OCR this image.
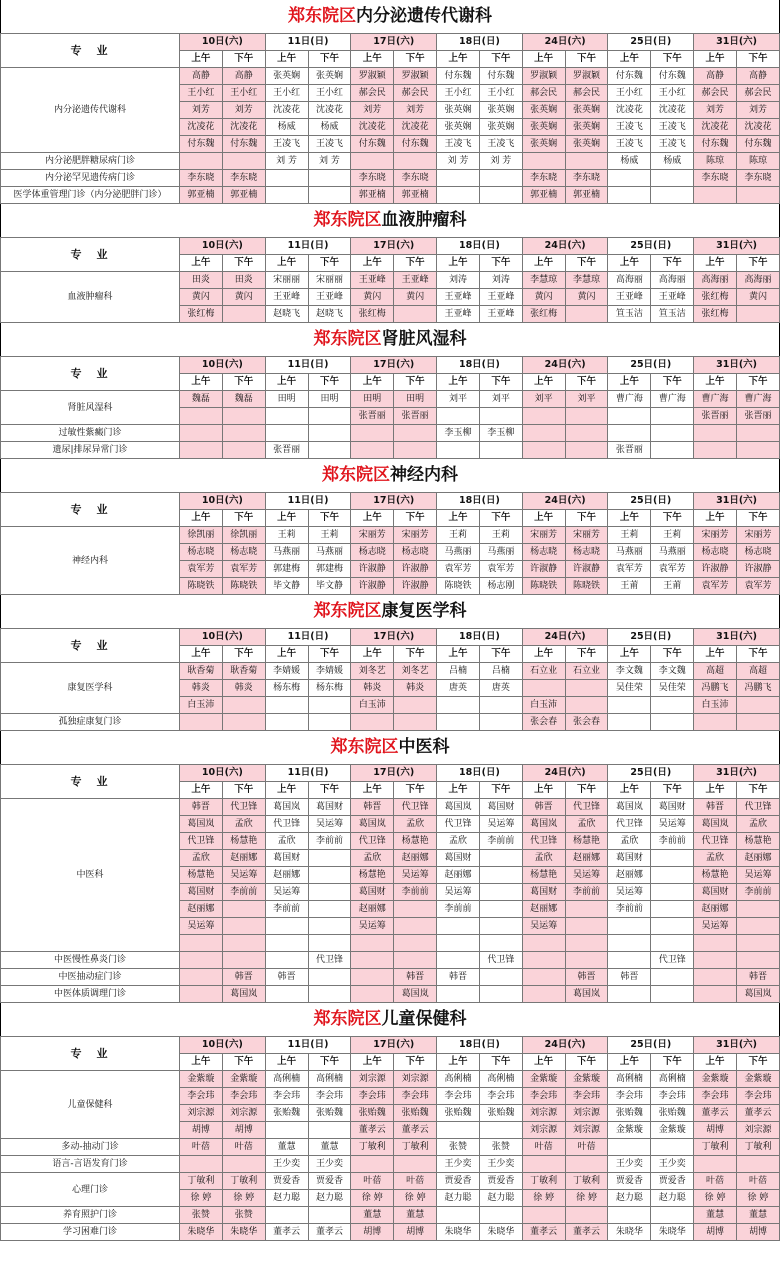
郑东院区内分泌遗传代谢科
专　业	10日(六)		11日(日)		17日(六)		18日(日)		24日(六)		25日(日)		31日(六)	
	上午	下午	上午	下午	上午	下午	上午	下午	上午	下午	上午	下午	上午	下午
内分泌遗传代谢科	高静	高静	张英娴	张英娴	罗淑颖	罗淑颖	付东魏	付东魏	罗淑颖	罗淑颖	付东魏	付东魏	高静	高静
	王小红	王小红	王小红	王小红	郝会民	郝会民	王小红	王小红	郝会民	郝会民	王小红	王小红	郝会民	郝会民
	刘芳	刘芳	沈凌花	沈凌花	刘芳	刘芳	张英娴	张英娴	张英娴	张英娴	沈凌花	沈凌花	刘芳	刘芳
	沈凌花	沈凌花	杨威	杨威	沈凌花	沈凌花	张英娴	张英娴	张英娴	张英娴	王凌飞	王凌飞	沈凌花	沈凌花
	付东魏	付东魏	王凌飞	王凌飞	付东魏	付东魏	王凌飞	王凌飞	张英娴	张英娴	王凌飞	王凌飞	付东魏	付东魏
内分泌肥胖糖尿病门诊			刘 芳	刘 芳			刘 芳	刘 芳			杨威	杨威	陈琼	陈琼
内分泌罕见遗传病门诊	李东晓	李东晓			李东晓	李东晓			李东晓	李东晓			李东晓	李东晓
医学体重管理门诊（内分泌肥胖门诊）	郭亚楠	郭亚楠			郭亚楠	郭亚楠			郭亚楠	郭亚楠				
郑东院区血液肿瘤科
专　业	10日(六)		11日(日)		17日(六)		18日(日)		24日(六)		25日(日)		31日(六)	
	上午	下午	上午	下午	上午	下午	上午	下午	上午	下午	上午	下午	上午	下午
血液肿瘤科	田炎	田炎	宋丽丽	宋丽丽	王亚峰	王亚峰	刘涛	刘涛	李慧琼	李慧琼	高海丽	高海丽	高海丽	高海丽
	黄闪	黄闪	王亚峰	王亚峰	黄闪	黄闪	王亚峰	王亚峰	黄闪	黄闪	王亚峰	王亚峰	张红梅	黄闪
	张红梅		赵晓飞	赵晓飞	张红梅		王亚峰	王亚峰	张红梅		笪玉洁	笪玉洁	张红梅	
郑东院区肾脏风湿科
专　业	10日(六)		11日(日)		17日(六)		18日(日)		24日(六)		25日(日)		31日(六)	
	上午	下午	上午	下午	上午	下午	上午	下午	上午	下午	上午	下午	上午	下午
肾脏风湿科	魏磊	魏磊	田明	田明	田明	田明	刘平	刘平	刘平	刘平	曹广海	曹广海	曹广海	曹广海
					张晋丽	张晋丽							张晋丽	张晋丽
过敏性紫癜门诊							李玉柳	李玉柳						
遗尿|排尿异常门诊			张晋丽								张晋丽			
郑东院区神经内科
专　业	10日(六)		11日(日)		17日(六)		18日(日)		24日(六)		25日(日)		31日(六)	
	上午	下午	上午	下午	上午	下午	上午	下午	上午	下午	上午	下午	上午	下午
神经内科	徐凯丽	徐凯丽	王莉	王莉	宋丽芳	宋丽芳	王莉	王莉	宋丽芳	宋丽芳	王莉	王莉	宋丽芳	宋丽芳
	杨志晓	杨志晓	马燕丽	马燕丽	杨志晓	杨志晓	马燕丽	马燕丽	杨志晓	杨志晓	马燕丽	马燕丽	杨志晓	杨志晓
	袁军芳	袁军芳	郭建梅	郭建梅	许淑静	许淑静	袁军芳	袁军芳	许淑静	许淑静	袁军芳	袁军芳	许淑静	许淑静
	陈晓铁	陈晓铁	毕文静	毕文静	许淑静	许淑静	陈晓铁	杨志刚	陈晓铁	陈晓铁	王莆	王莆	袁军芳	袁军芳
郑东院区康复医学科
专　业	10日(六)		11日(日)		17日(六)		18日(日)		24日(六)		25日(日)		31日(六)	
	上午	下午	上午	下午	上午	下午	上午	下午	上午	下午	上午	下午	上午	下午
康复医学科	耿香菊	耿香菊	李婧媛	李婧媛	刘冬艺	刘冬艺	吕楠	吕楠	石立业	石立业	李文魏	李文魏	高超	高超
	韩炎	韩炎	杨东梅	杨东梅	韩炎	韩炎	唐英	唐英			吴佳荣	吴佳荣	冯鹏飞	冯鹏飞
	白玉沛				白玉沛				白玉沛				白玉沛	
孤独症康复门诊									张会春	张会春				
郑东院区中医科
专　业	10日(六)		11日(日)		17日(六)		18日(日)		24日(六)		25日(日)		31日(六)	
	上午	下午	上午	下午	上午	下午	上午	下午	上午	下午	上午	下午	上午	下午
中医科	韩晋	代卫锋	葛国岚	葛国财	韩晋	代卫锋	葛国岚	葛国财	韩晋	代卫锋	葛国岚	葛国财	韩晋	代卫锋
	葛国岚	孟欣	代卫锋	吴运筹	葛国岚	孟欣	代卫锋	吴运筹	葛国岚	孟欣	代卫锋	吴运筹	葛国岚	孟欣
	代卫锋	杨慧艳	孟欣	李前前	代卫锋	杨慧艳	孟欣	李前前	代卫锋	杨慧艳	孟欣	李前前	代卫锋	杨慧艳
	孟欣	赵丽娜	葛国财		孟欣	赵丽娜	葛国财		孟欣	赵丽娜	葛国财		孟欣	赵丽娜
	杨慧艳	吴运筹	赵丽娜		杨慧艳	吴运筹	赵丽娜		杨慧艳	吴运筹	赵丽娜		杨慧艳	吴运筹
	葛国财	李前前	吴运筹		葛国财	李前前	吴运筹		葛国财	李前前	吴运筹		葛国财	李前前
	赵丽娜		李前前		赵丽娜		李前前		赵丽娜		李前前		赵丽娜	
	吴运筹				吴运筹				吴运筹				吴运筹	

中医慢性鼻炎门诊				代卫锋				代卫锋				代卫锋		
中医抽动症门诊		韩晋	韩晋			韩晋	韩晋			韩晋	韩晋			韩晋
中医体质调理门诊		葛国岚				葛国岚				葛国岚				葛国岚
郑东院区儿童保健科
专　业	10日(六)		11日(日)		17日(六)		18日(日)		24日(六)		25日(日)		31日(六)	
	上午	下午	上午	下午	上午	下午	上午	下午	上午	下午	上午	下午	上午	下午
儿童保健科	金紫璇	金紫璇	高俐楠	高俐楠	刘宗源	刘宗源	高俐楠	高俐楠	金紫璇	金紫璇	高俐楠	高俐楠	金紫璇	金紫璇
	李会玮	李会玮	李会玮	李会玮	李会玮	李会玮	李会玮	李会玮	李会玮	李会玮	李会玮	李会玮	李会玮	李会玮
	刘宗源	刘宗源	张贻魏	张贻魏	张贻魏	张贻魏	张贻魏	张贻魏	刘宗源	刘宗源	张贻魏	张贻魏	董孝云	董孝云
	胡博	胡博			董孝云	董孝云			刘宗源	刘宗源	金紫璇	金紫璇	胡博	刘宗源
多动-抽动门诊	叶蓓	叶蓓	董慧	董慧	丁敏利	丁敏利	张赞	张赞	叶蓓	叶蓓			丁敏利	丁敏利
语言-言语发育门诊			王少奕	王少奕			王少奕	王少奕			王少奕	王少奕		
心理门诊	丁敏利	丁敏利	贾爱香	贾爱香	叶蓓	叶蓓	贾爱香	贾爱香	丁敏利	丁敏利	贾爱香	贾爱香	叶蓓	叶蓓
	徐 婷	徐 婷	赵力聪	赵力聪	徐 婷	徐 婷	赵力聪	赵力聪	徐 婷	徐 婷	赵力聪	赵力聪	徐 婷	徐 婷
养育照护门诊	张赞	张赞			董慧	董慧							董慧	董慧
学习困难门诊	朱晓华	朱晓华	董孝云	董孝云	胡博	胡博	朱晓华	朱晓华	董孝云	董孝云	朱晓华	朱晓华	胡博	胡博
